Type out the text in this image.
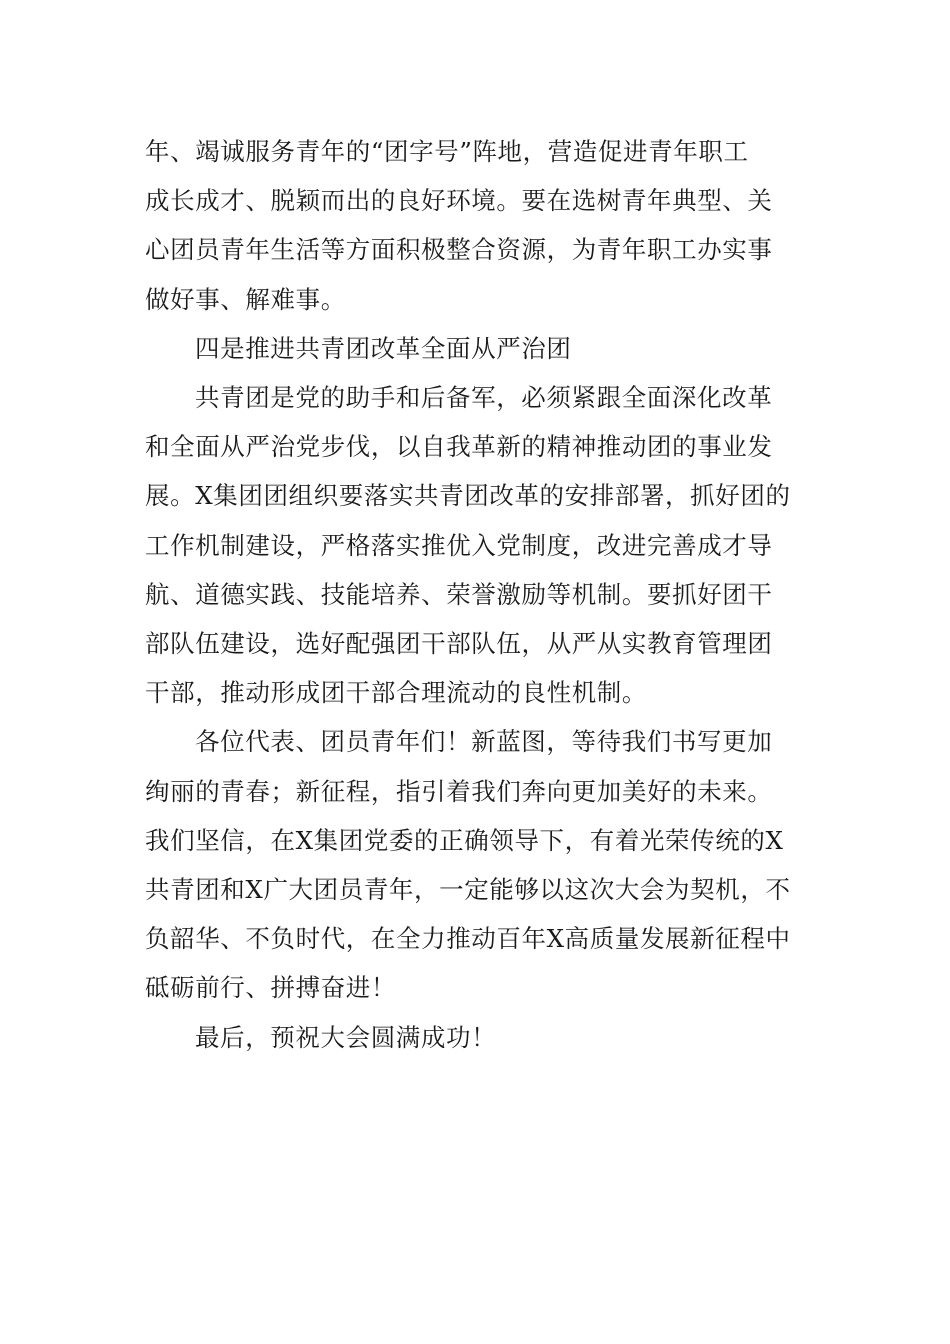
年、竭诚服务青年的“团字号”阵地，营造促进青年职工
成长成才、脱颖而出的良好环境。要在选树青年典型、关
心团员青年生活等方面积极整合资源，为青年职工办实事
做好事、解难事。
四是推进共青团改革全面从严治团
共青团是党的助手和后备军，必须紧跟全面深化改革
和全面从严治党步伐，以自我革新的精神推动团的事业发
展。X集团团组织要落实共青团改革的安排部署，抓好团的
工作机制建设，严格落实推优入党制度，改进完善成才导
航、道德实践、技能培养、荣誉激励等机制。要抓好团干
部队伍建设，选好配强团干部队伍，从严从实教育管理团
干部，推动形成团干部合理流动的良性机制。
各位代表、团员青年们！新蓝图，等待我们书写更加
绚丽的青春；新征程，指引着我们奔向更加美好的未来。
我们坚信，在X集团党委的正确领导下，有着光荣传统的X
共青团和X广大团员青年，一定能够以这次大会为契机，不
负韶华、不负时代，在全力推动百年X高质量发展新征程中
砥砺前行、拼搏奋进！
最后，预祝大会圆满成功！
